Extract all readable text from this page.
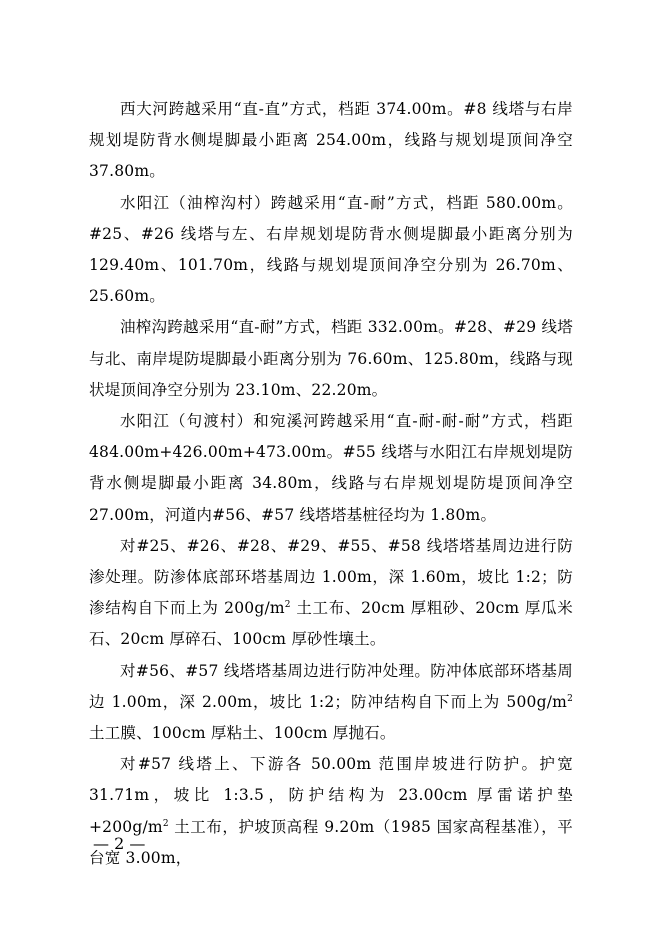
西大河跨越采用“直-直”方式，档距 374.00m。#8 线塔与右岸规划堤防背水侧堤脚最小距离 254.00m，线路与规划堤顶间净空 37.80m。

水阳江（油榨沟村）跨越采用“直-耐”方式，档距 580.00m。#25、#26 线塔与左、右岸规划堤防背水侧堤脚最小距离分别为 129.40m、101.70m，线路与规划堤顶间净空分别为 26.70m、25.60m。

油榨沟跨越采用“直-耐”方式，档距 332.00m。#28、#29 线塔与北、南岸堤防堤脚最小距离分别为 76.60m、125.80m，线路与现状堤顶间净空分别为 23.10m、22.20m。

水阳江（句渡村）和宛溪河跨越采用“直-耐-耐-耐”方式，档距 484.00m+426.00m+473.00m。#55 线塔与水阳江右岸规划堤防背水侧堤脚最小距离 34.80m，线路与右岸规划堤防堤顶间净空 27.00m，河道内#56、#57 线塔塔基桩径均为 1.80m。

对#25、#26、#28、#29、#55、#58 线塔塔基周边进行防渗处理。防渗体底部环塔基周边 1.00m，深 1.60m，坡比 1:2；防渗结构自下而上为 $200g/m^2$ 土工布、20cm 厚粗砂、20cm 厚瓜米石、20cm 厚碎石、100cm 厚砂性壤土。

对#56、#57 线塔塔基周边进行防冲处理。防冲体底部环塔基周边 1.00m，深 2.00m，坡比 1:2；防冲结构自下而上为 $500g/m^2$ 土工膜、100cm 厚粘土、100cm 厚抛石。

对#57 线塔上、下游各 50.00m 范围岸坡进行防护。护宽 31.71m，坡比 1:3.5，防护结构为 23.00cm 厚雷诺护垫$+200g/m^2$ 土工布，护坡顶高程 9.20m（1985 国家高程基准），平台宽 3.00m，

— 2 —
